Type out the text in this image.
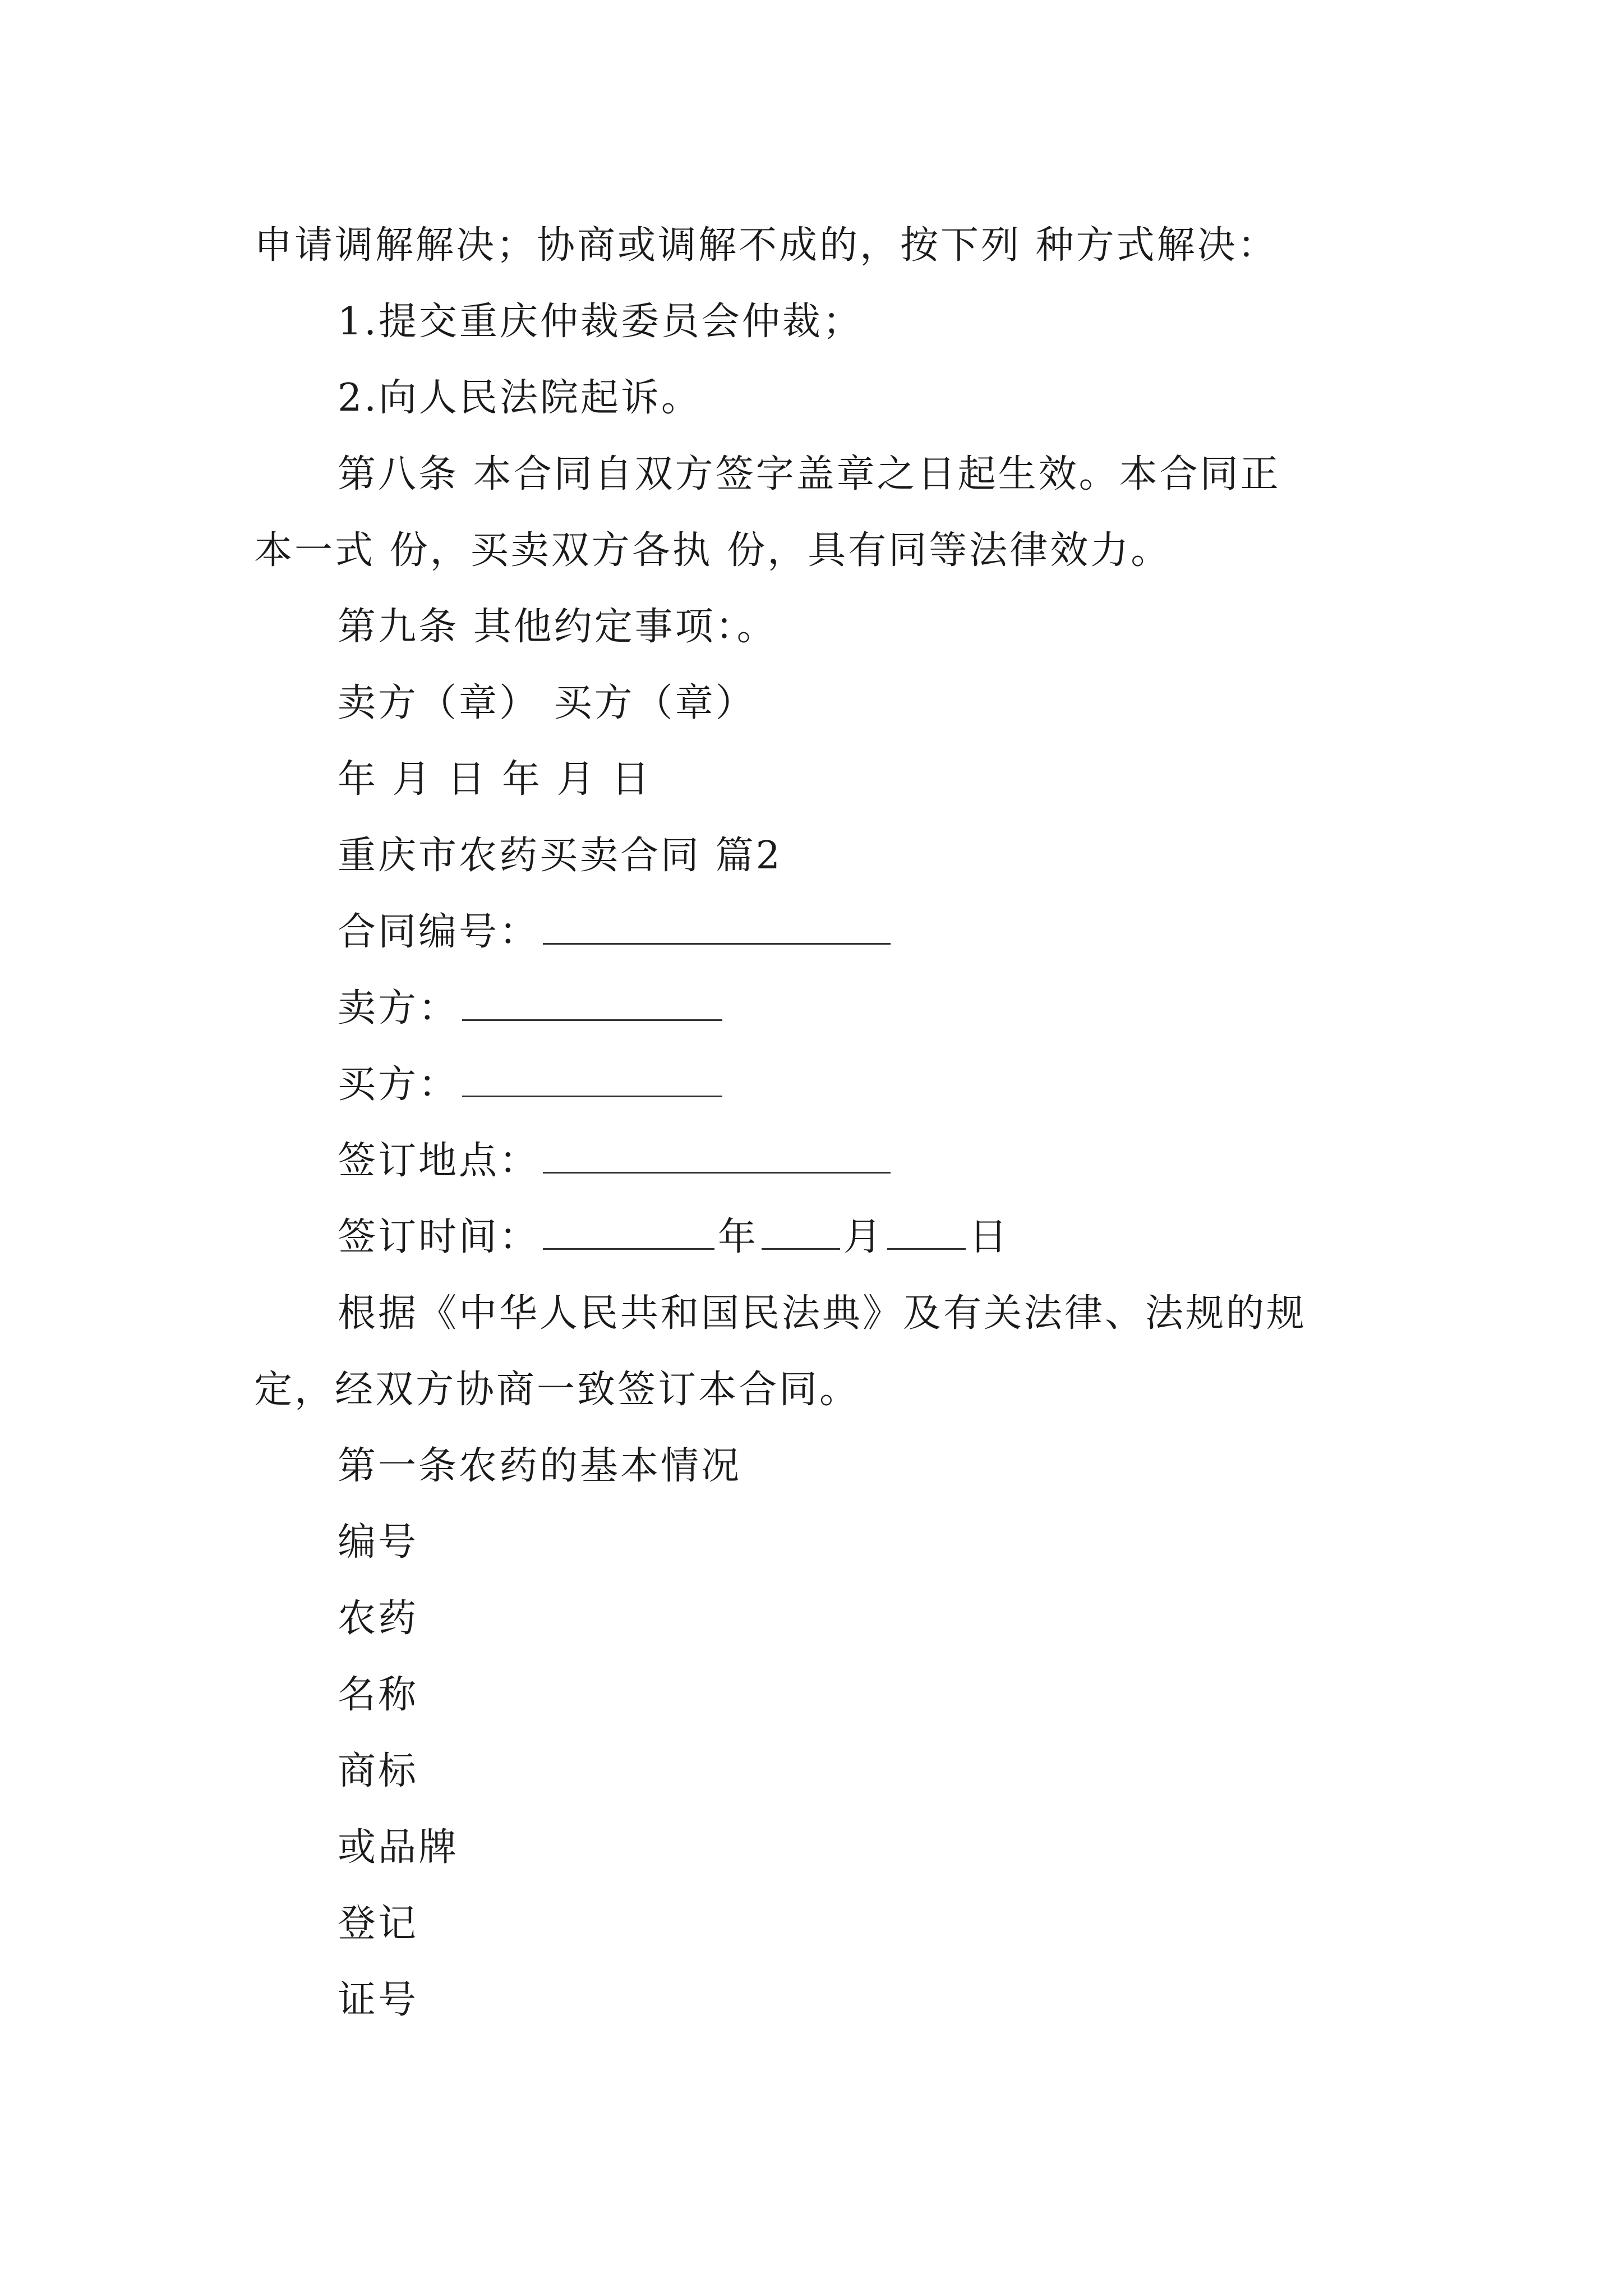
申请调解解决；协商或调解不成的，按下列 种方式解决：
1.提交重庆仲裁委员会仲裁；
2.向人民法院起诉。
第八条 本合同自双方签字盖章之日起生效。本合同正
本一式 份，买卖双方各执 份，具有同等法律效力。
第九条 其他约定事项：。
卖方（章） 买方（章）
年 月 日 年 月 日
重庆市农药买卖合同 篇2
合同编号：
卖方：
买方：
签订地点：
签订时间：	年 月 日
根据《中华人民共和国民法典》及有关法律、法规的规
定，经双方协商一致签订本合同。
第一条农药的基本情况
编号
农药
名称
商标
或品牌
登记
证号
